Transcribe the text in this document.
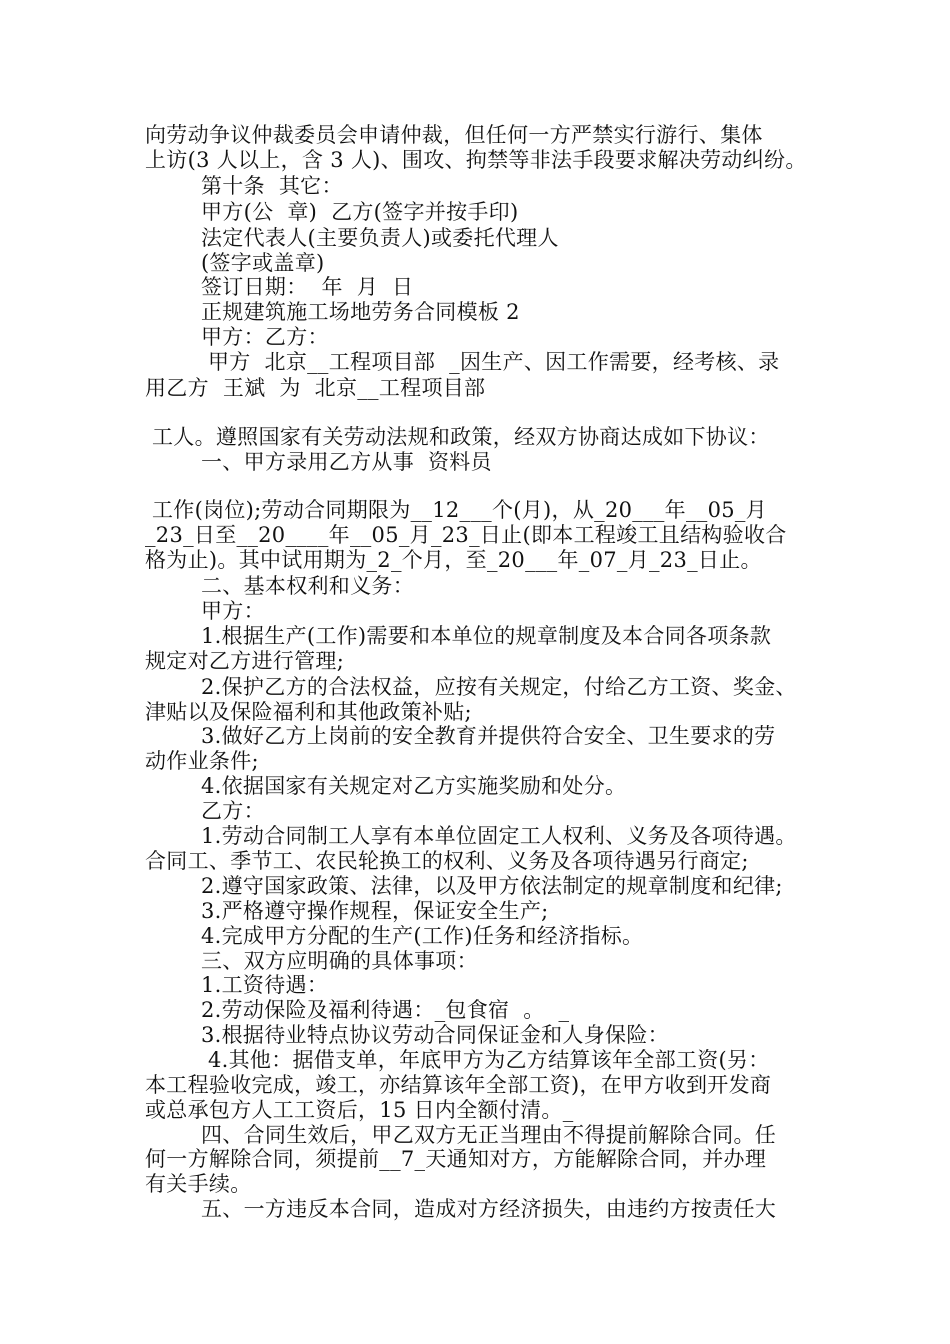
向劳动争议仲裁委员会申请仲裁，但任何一方严禁实行游行、集体
上访(3 人以上，含 3 人)、围攻、拘禁等非法手段要求解决劳动纠纷。
第十条  其它：
甲方(公  章)  乙方(签字并按手印)
法定代表人(主要负责人)或委托代理人
(签字或盖章)
签订日期：  年  月  日
正规建筑施工场地劳务合同模板 2
甲方：乙方：
甲方  北京__工程项目部  _因生产、因工作需要，经考核、录
用乙方  王斌  为  北京__工程项目部
工人。遵照国家有关劳动法规和政策，经双方协商达成如下协议：
一、甲方录用乙方从事  资料员
工作(岗位);劳动合同期限为__12___个(月)，从_20___年__05_月
_23_日至__20____年__05_月_23_日止(即本工程竣工且结构验收合
格为止)。其中试用期为_2_个月，至_20___年_07_月_23_日止。
二、基本权利和义务：
甲方：
1.根据生产(工作)需要和本单位的规章制度及本合同各项条款
规定对乙方进行管理;
2.保护乙方的合法权益，应按有关规定，付给乙方工资、奖金、
津贴以及保险福利和其他政策补贴;
3.做好乙方上岗前的安全教育并提供符合安全、卫生要求的劳
动作业条件;
4.依据国家有关规定对乙方实施奖励和处分。
乙方：
1.劳动合同制工人享有本单位固定工人权利、义务及各项待遇。
合同工、季节工、农民轮换工的权利、义务及各项待遇另行商定;
2.遵守国家政策、法律，以及甲方依法制定的规章制度和纪律;
3.严格遵守操作规程，保证安全生产;
4.完成甲方分配的生产(工作)任务和经济指标。
三、双方应明确的具体事项：
1.工资待遇：
2.劳动保险及福利待遇：_包食宿  。  _
3.根据待业特点协议劳动合同保证金和人身保险：
4.其他：据借支单，年底甲方为乙方结算该年全部工资(另：
本工程验收完成，竣工，亦结算该年全部工资)，在甲方收到开发商
或总承包方人工工资后，15 日内全额付清。_
四、合同生效后，甲乙双方无正当理由不得提前解除合同。任
何一方解除合同，须提前__7_天通知对方，方能解除合同，并办理
有关手续。
五、一方违反本合同，造成对方经济损失，由违约方按责任大
